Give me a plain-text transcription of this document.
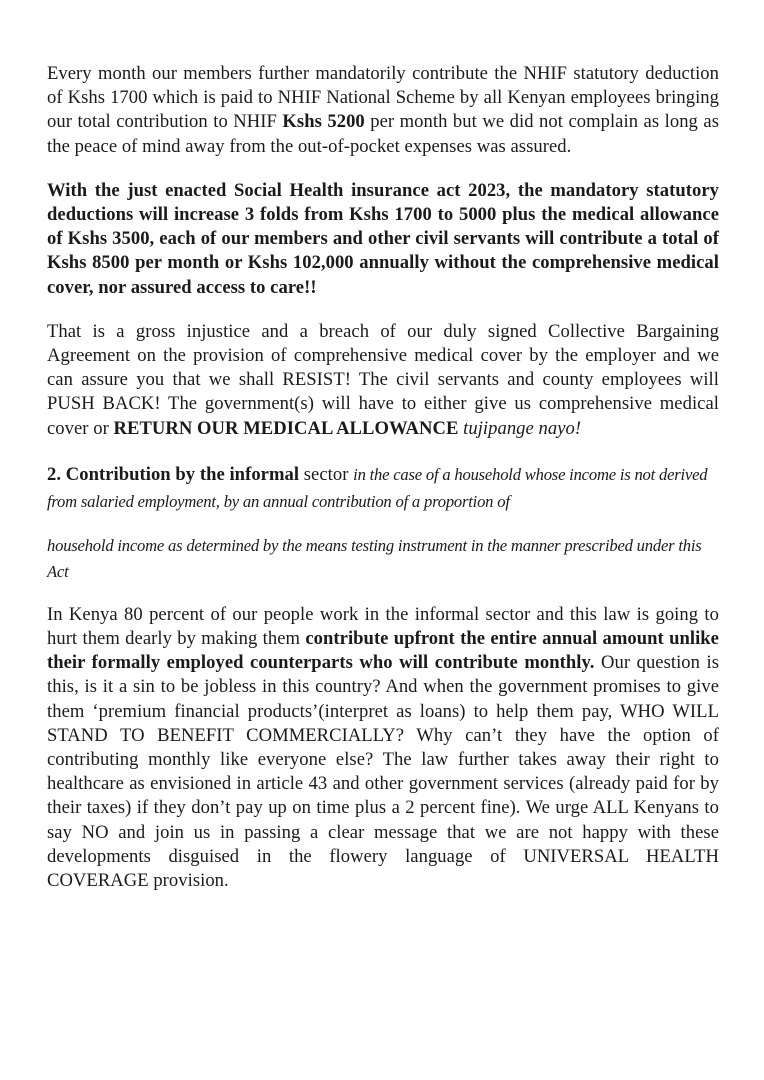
Every month our members further mandatorily contribute the NHIF statutory deduction of Kshs 1700 which is paid to NHIF National Scheme by all Kenyan employees bringing our total contribution to NHIF Kshs 5200 per month but we did not complain as long as the peace of mind away from the out-of-pocket expenses was assured.

With the just enacted Social Health insurance act 2023, the mandatory statutory deductions will increase 3 folds from Kshs 1700 to 5000 plus the medical allowance of Kshs 3500, each of our members and other civil servants will contribute a total of Kshs 8500 per month or Kshs 102,000 annually without the comprehensive medical cover, nor assured access to care!!

That is a gross injustice and a breach of our duly signed Collective Bargaining Agreement on the provision of comprehensive medical cover by the employer and we can assure you that we shall RESIST! The civil servants and county employees will PUSH BACK! The government(s) will have to either give us comprehensive medical cover or RETURN OUR MEDICAL ALLOWANCE tujipange nayo!

2. Contribution by the informal sector in the case of a household whose income is not derived from salaried employment, by an annual contribution of a proportion of

household income as determined by the means testing instrument in the manner prescribed under this Act

In Kenya 80 percent of our people work in the informal sector and this law is going to hurt them dearly by making them contribute upfront the entire annual amount unlike their formally employed counterparts who will contribute monthly. Our question is this, is it a sin to be jobless in this country? And when the government promises to give them ‘premium financial products’(interpret as loans) to help them pay, WHO WILL STAND TO BENEFIT COMMERCIALLY? Why can’t they have the option of contributing monthly like everyone else? The law further takes away their right to healthcare as envisioned in article 43 and other government services (already paid for by their taxes) if they don’t pay up on time plus a 2 percent fine). We urge ALL Kenyans to say NO and join us in passing a clear message that we are not happy with these developments disguised in the flowery language of UNIVERSAL HEALTH COVERAGE provision.
